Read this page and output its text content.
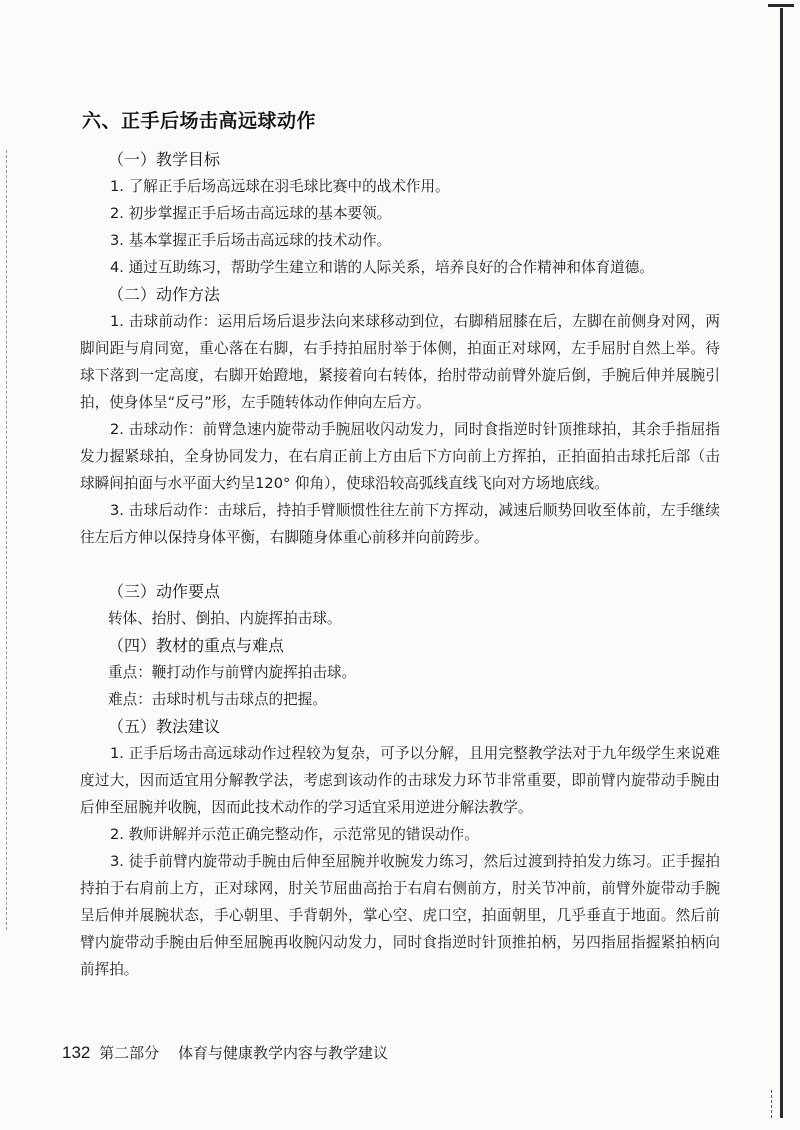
六、正手后场击高远球动作
（一）教学目标
1. 了解正手后场高远球在羽毛球比赛中的战术作用。
2. 初步掌握正手后场击高远球的基本要领。
3. 基本掌握正手后场击高远球的技术动作。
4. 通过互助练习，帮助学生建立和谐的人际关系，培养良好的合作精神和体育道德。
（二）动作方法
1. 击球前动作：运用后场后退步法向来球移动到位，右脚稍屈膝在后，左脚在前侧身对网，两脚间距与肩同宽，重心落在右脚，右手持拍屈肘举于体侧，拍面正对球网，左手屈肘自然上举。待球下落到一定高度，右脚开始蹬地，紧接着向右转体，抬肘带动前臂外旋后倒，手腕后伸并展腕引拍，使身体呈“反弓”形，左手随转体动作伸向左后方。
2. 击球动作：前臂急速内旋带动手腕屈收闪动发力，同时食指逆时针顶推球拍，其余手指屈指发力握紧球拍，全身协同发力，在右肩正前上方由后下方向前上方挥拍，正拍面拍击球托后部（击球瞬间拍面与水平面大约呈120° 仰角），使球沿较高弧线直线飞向对方场地底线。
3. 击球后动作：击球后，持拍手臂顺惯性往左前下方挥动，减速后顺势回收至体前，左手继续往左后方伸以保持身体平衡，右脚随身体重心前移并向前跨步。
（三）动作要点
转体、抬肘、倒拍、内旋挥拍击球。
（四）教材的重点与难点
重点：鞭打动作与前臂内旋挥拍击球。
难点：击球时机与击球点的把握。
（五）教法建议
1. 正手后场击高远球动作过程较为复杂，可予以分解，且用完整教学法对于九年级学生来说难度过大，因而适宜用分解教学法，考虑到该动作的击球发力环节非常重要，即前臂内旋带动手腕由后伸至屈腕并收腕，因而此技术动作的学习适宜采用逆进分解法教学。
2. 教师讲解并示范正确完整动作，示范常见的错误动作。
3. 徒手前臂内旋带动手腕由后伸至屈腕并收腕发力练习，然后过渡到持拍发力练习。正手握拍持拍于右肩前上方，正对球网，肘关节屈曲高抬于右肩右侧前方，肘关节冲前，前臂外旋带动手腕呈后伸并展腕状态，手心朝里、手背朝外，掌心空、虎口空，拍面朝里，几乎垂直于地面。然后前臂内旋带动手腕由后伸至屈腕再收腕闪动发力，同时食指逆时针顶推拍柄，另四指屈指握紧拍柄向前挥拍。
132 第二部分 体育与健康教学内容与教学建议
